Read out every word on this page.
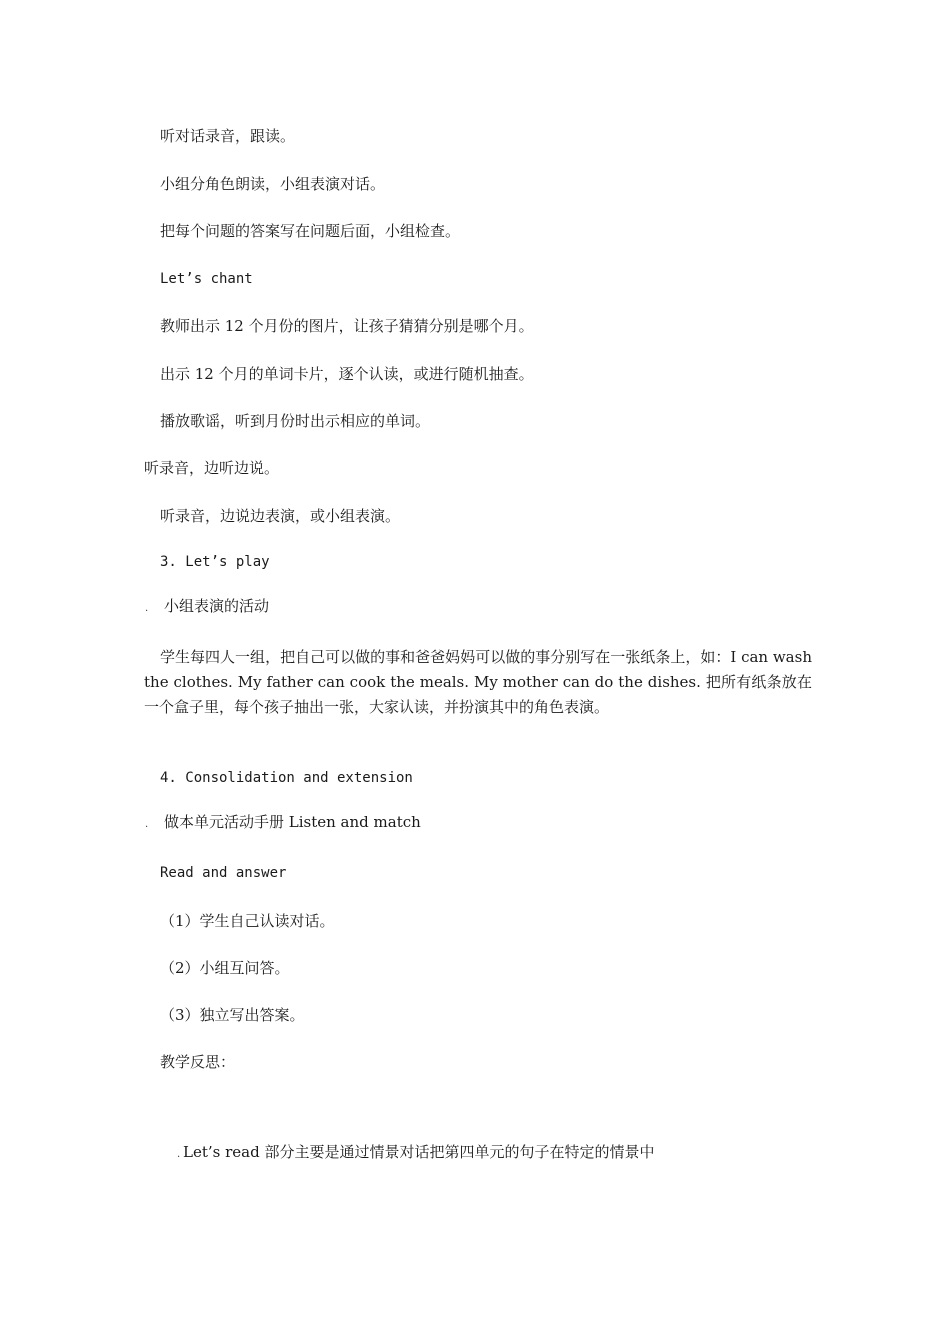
听对话录音，跟读。
小组分角色朗读，小组表演对话。
把每个问题的答案写在问题后面，小组检查。
Let’s chant
教师出示 12 个月份的图片，让孩子猜猜分别是哪个月。
出示 12 个月的单词卡片，逐个认读，或进行随机抽查。
播放歌谣，听到月份时出示相应的单词。
听录音，边听边说。
听录音，边说边表演，或小组表演。
3. Let’s play
. 小组表演的活动
学生每四人一组，把自己可以做的事和爸爸妈妈可以做的事分别写在一张纸条上，如：I can wash the clothes. My father can cook the meals. My mother can do the dishes. 把所有纸条放在一个盒子里，每个孩子抽出一张，大家认读，并扮演其中的角色表演。
4. Consolidation and extension
. 做本单元活动手册 Listen and match
Read and answer
（1）学生自己认读对话。
（2）小组互问答。
（3）独立写出答案。
教学反思：
. Let’s read 部分主要是通过情景对话把第四单元的句子在特定的情景中
